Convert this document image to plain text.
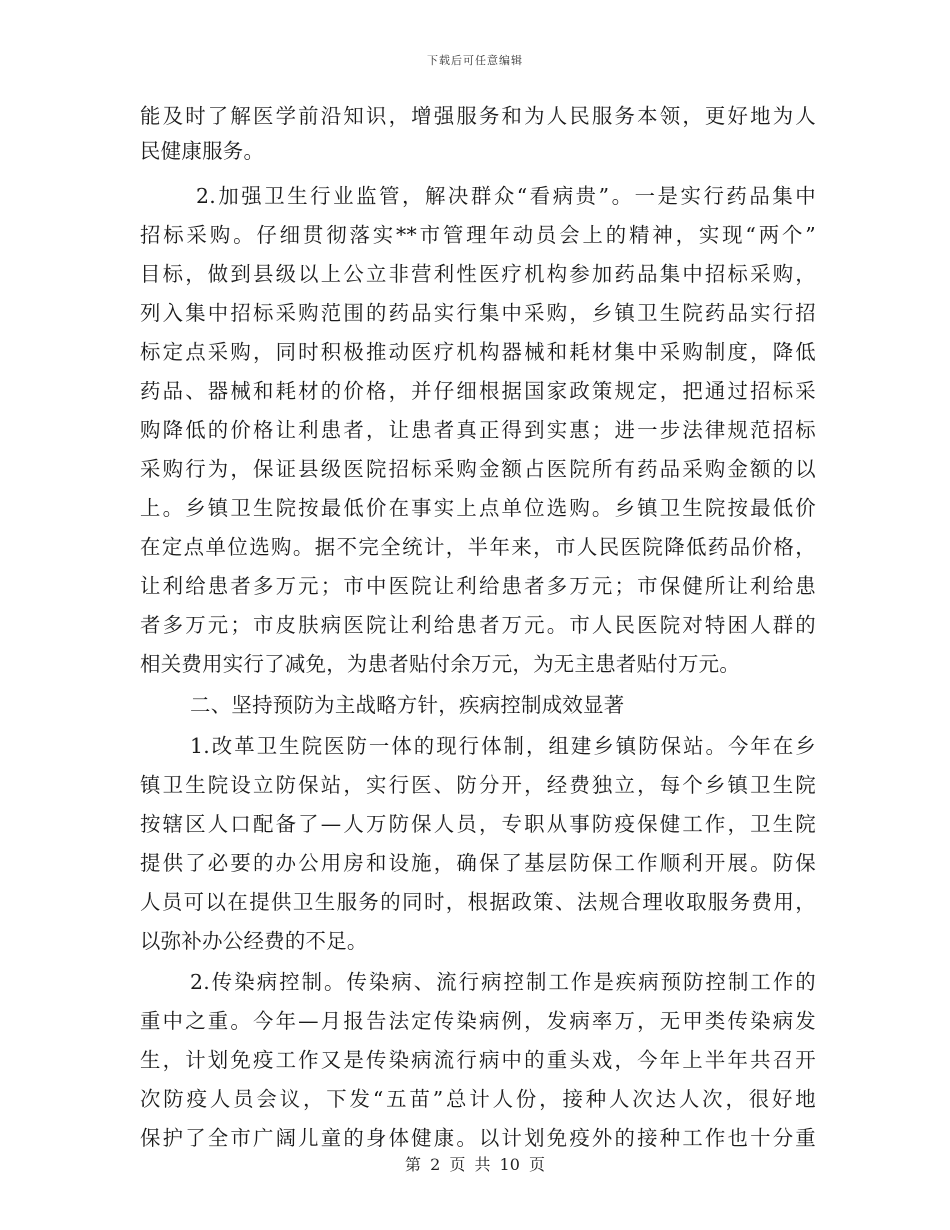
下载后可任意编辑
能及时了解医学前沿知识，增强服务和为人民服务本领，更好地为人
民健康服务。
2.加强卫生行业监管，解决群众“看病贵”。一是实行药品集中
招标采购。仔细贯彻落实**市管理年动员会上的精神，实现“两个”
目标，做到县级以上公立非营利性医疗机构参加药品集中招标采购，
列入集中招标采购范围的药品实行集中采购，乡镇卫生院药品实行招
标定点采购，同时积极推动医疗机构器械和耗材集中采购制度，降低
药品、器械和耗材的价格，并仔细根据国家政策规定，把通过招标采
购降低的价格让利患者，让患者真正得到实惠；进一步法律规范招标
采购行为，保证县级医院招标采购金额占医院所有药品采购金额的以
上。乡镇卫生院按最低价在事实上点单位选购。乡镇卫生院按最低价
在定点单位选购。据不完全统计，半年来，市人民医院降低药品价格，
让利给患者多万元；市中医院让利给患者多万元；市保健所让利给患
者多万元；市皮肤病医院让利给患者万元。市人民医院对特困人群的
相关费用实行了减免，为患者贴付余万元，为无主患者贴付万元。
二、坚持预防为主战略方针，疾病控制成效显著
1.改革卫生院医防一体的现行体制，组建乡镇防保站。今年在乡
镇卫生院设立防保站，实行医、防分开，经费独立，每个乡镇卫生院
按辖区人口配备了—人万防保人员，专职从事防疫保健工作，卫生院
提供了必要的办公用房和设施，确保了基层防保工作顺利开展。防保
人员可以在提供卫生服务的同时，根据政策、法规合理收取服务费用，
以弥补办公经费的不足。
2.传染病控制。传染病、流行病控制工作是疾病预防控制工作的
重中之重。今年—月报告法定传染病例，发病率万，无甲类传染病发
生，计划免疫工作又是传染病流行病中的重头戏，今年上半年共召开
次防疫人员会议，下发“五苗”总计人份，接种人次达人次，很好地
保护了全市广阔儿童的身体健康。以计划免疫外的接种工作也十分重
第 2 页 共 10 页
